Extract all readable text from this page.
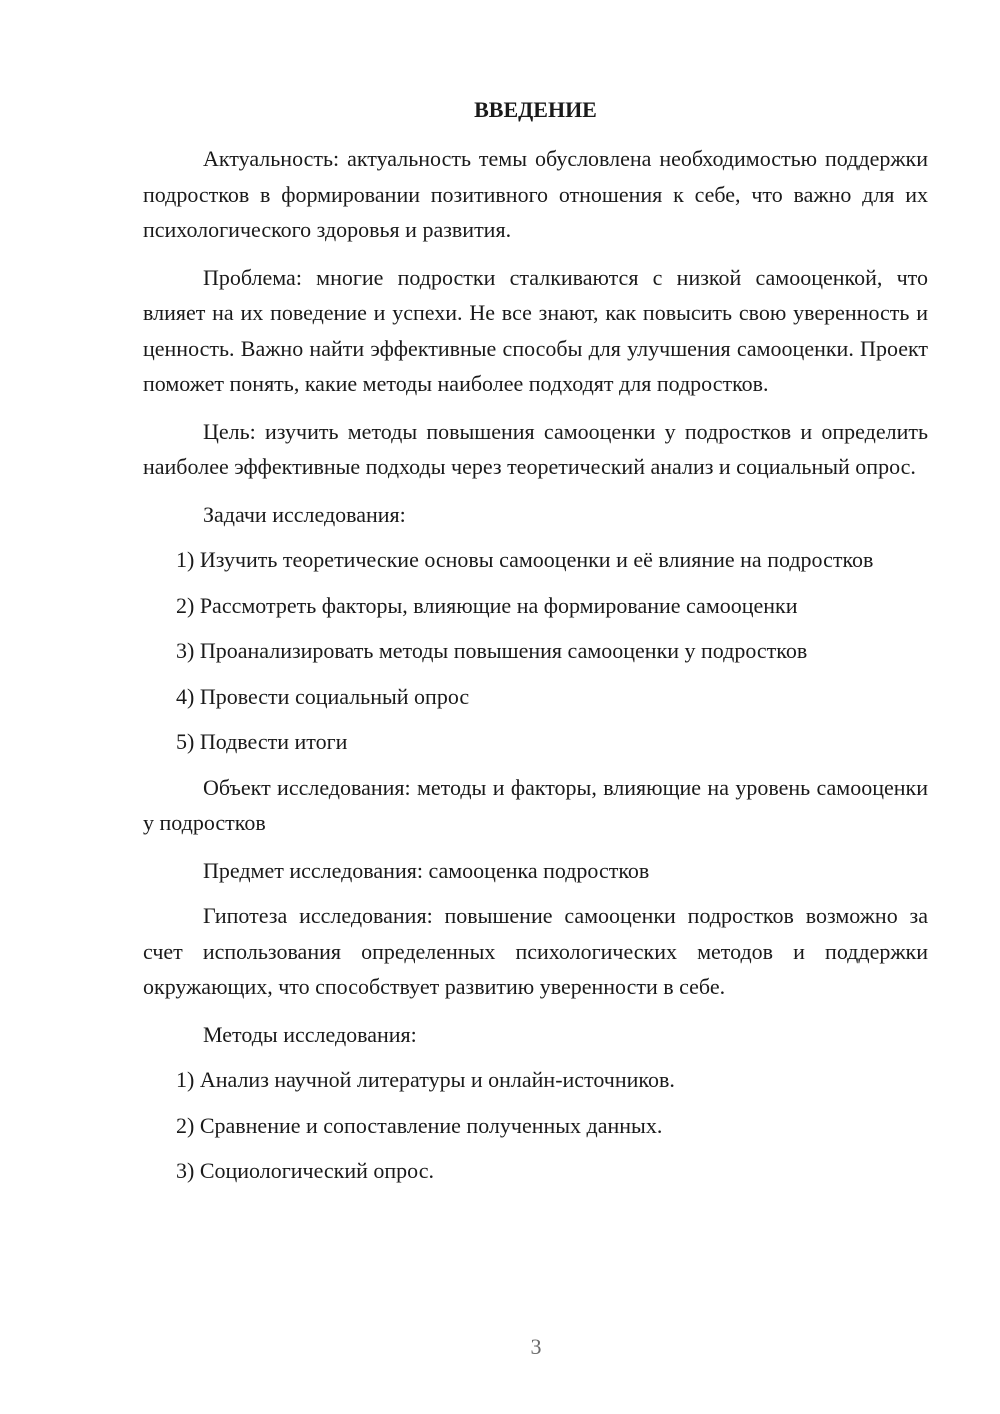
ВВЕДЕНИЕ

Актуальность: актуальность темы обусловлена необходимостью поддержки подростков в формировании позитивного отношения к себе, что важно для их психологического здоровья и развития.

Проблема: многие подростки сталкиваются с низкой самооценкой, что влияет на их поведение и успехи. Не все знают, как повысить свою уверенность и ценность. Важно найти эффективные способы для улучшения самооценки. Проект поможет понять, какие методы наиболее подходят для подростков.

Цель: изучить методы повышения самооценки у подростков и определить наиболее эффективные подходы через теоретический анализ и социальный опрос.

Задачи исследования:

1) Изучить теоретические основы самооценки и её влияние на подростков

2) Рассмотреть факторы, влияющие на формирование самооценки

3) Проанализировать методы повышения самооценки у подростков

4) Провести социальный опрос

5) Подвести итоги

Объект исследования: методы и факторы, влияющие на уровень самооценки у подростков

Предмет исследования: самооценка подростков

Гипотеза исследования: повышение самооценки подростков возможно за счет использования определенных психологических методов и поддержки окружающих, что способствует развитию уверенности в себе.

Методы исследования:

1) Анализ научной литературы и онлайн-источников.

2) Сравнение и сопоставление полученных данных.

3) Социологический опрос.

3
